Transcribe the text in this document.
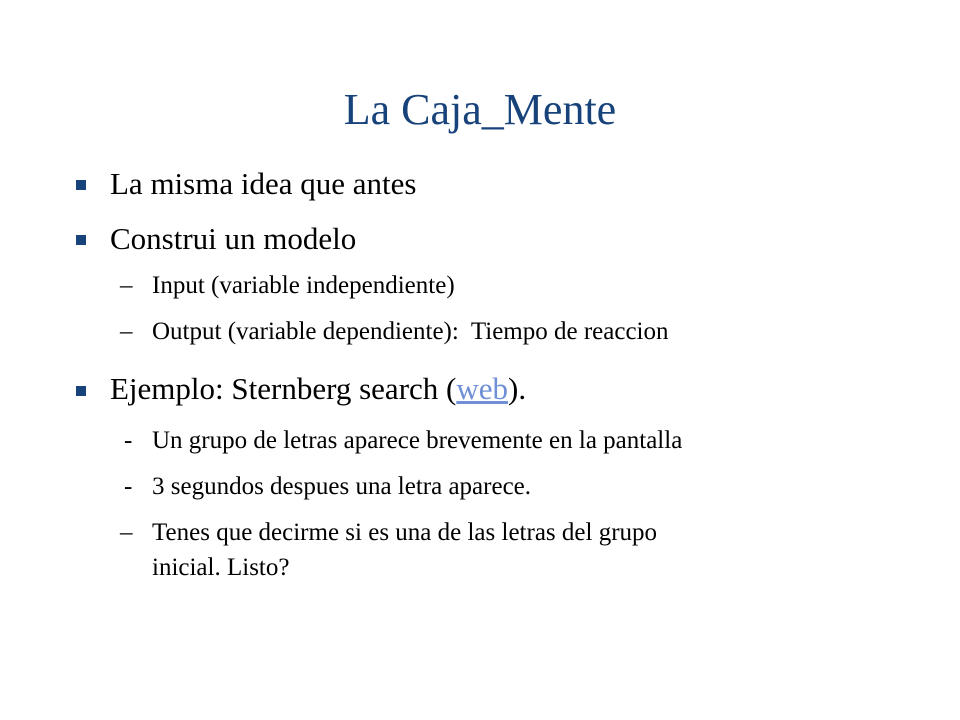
La Caja_Mente
La misma idea que antes
Construi un modelo
– Input (variable independiente)
– Output (variable dependiente):  Tiempo de reaccion
Ejemplo: Sternberg search (web).
- Un grupo de letras aparece brevemente en la pantalla
- 3 segundos despues una letra aparece.
– Tenes que decirme si es una de las letras del grupo
inicial. Listo?
